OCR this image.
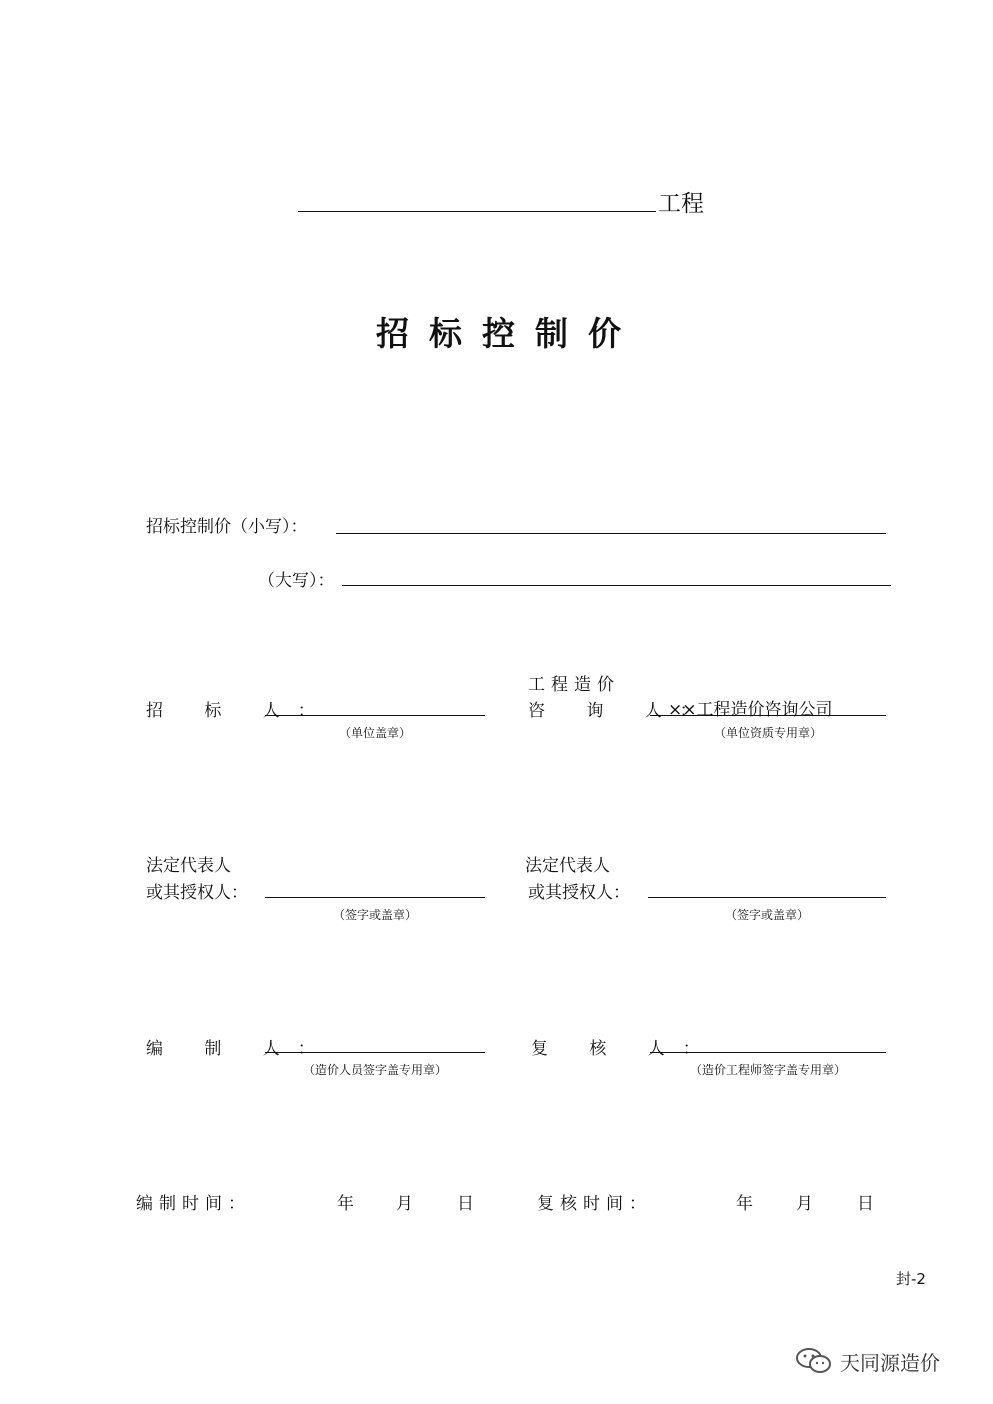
工程
招标控制价
招标控制价（小写）：
（大写）：
招 标 人：
（单位盖章）
工程造价
咨 询 人：
××工程造价咨询公司
（单位资质专用章）
法定代表人
或其授权人：
（签字或盖章）
法定代表人
或其授权人：
（签字或盖章）
编 制 人：
（造价人员签字盖专用章）
复 核 人：
（造价工程师签字盖专用章）
编制时间：	年 月	日	复核时间：	年	月	日
封-2
天同源造价
